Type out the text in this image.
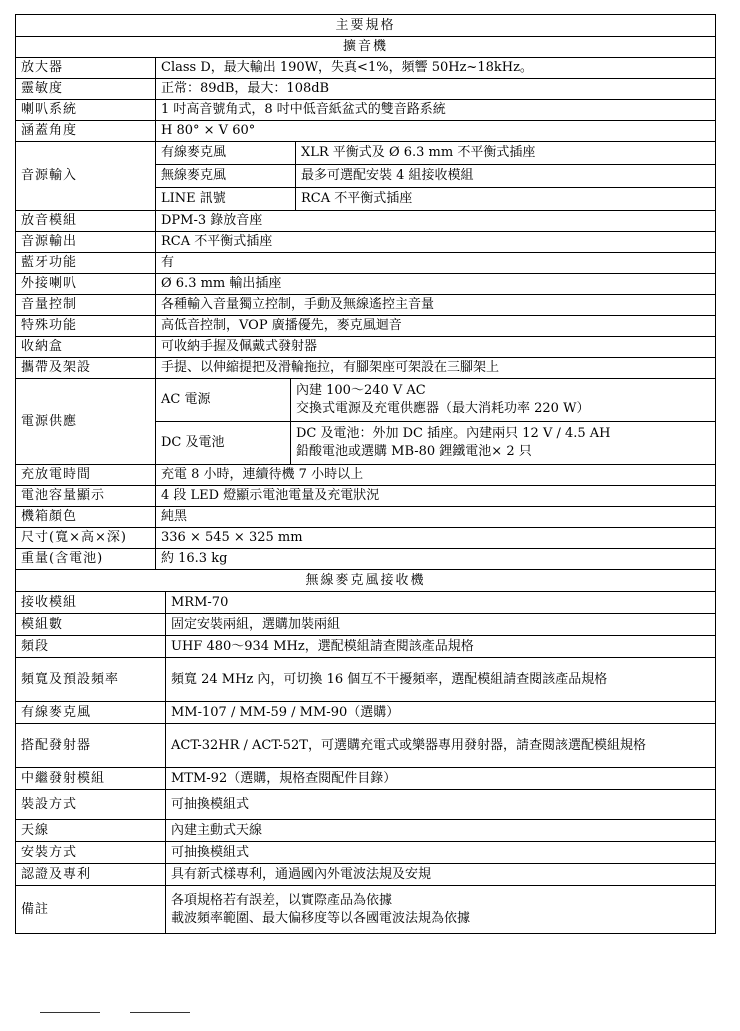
主要規格		
擴音機		
放大器	Class D，最大輸出 190W，失真<1%，頻響 50Hz~18kHz。	
靈敏度	正常：89dB，最大：108dB	
喇叭系統	1 吋高音號角式，8 吋中低音紙盆式的雙音路系統	
涵蓋角度	H 80° × V 60°	
音源輸入	有線麥克風	XLR 平衡式及 Ø 6.3 mm 不平衡式插座
	無線麥克風	最多可選配安裝 4 組接收模組
	LINE 訊號	RCA 不平衡式插座
放音模組	DPM-3 錄放音座	
音源輸出	RCA 不平衡式插座	
藍牙功能	有	
外接喇叭	Ø 6.3 mm 輸出插座	
音量控制	各種輸入音量獨立控制，手動及無線遙控主音量	
特殊功能	高低音控制，VOP 廣播優先，麥克風迴音	
收納盒	可收納手握及佩戴式發射器	
攜帶及架設	手提、以伸縮提把及滑輪拖拉，有腳架座可架設在三腳架上	
電源供應	AC 電源	內建 100～240 V AC
交換式電源及充電供應器（最大消耗功率 220 W）

	DC 及電池	DC 及電池：外加 DC 插座。內建兩只 12 V / 4.5 AH
鉛酸電池或選購 MB-80 鋰鐵電池× 2 只
充放電時間	充電 8 小時，連續待機 7 小時以上
電池容量顯示	4 段 LED 燈顯示電池電量及充電狀況
機箱顏色	純黑
尺寸(寬×高×深)	336 × 545 × 325 mm
重量(含電池)	約 16.3 kg
無線麥克風接收機	
接收模組	MRM-70
模組數	固定安裝兩組，選購加裝兩組
頻段	UHF 480～934 MHz，選配模組請查閱該產品規格
頻寬及預設頻率	頻寬 24 MHz 內，可切換 16 個互不干擾頻率，選配模組請查閱該產品規格
有線麥克風	MM-107 / MM-59 / MM-90（選購）
搭配發射器	ACT-32HR / ACT-52T，可選購充電式或樂器專用發射器，請查閱該選配模組規格
中繼發射模組	MTM-92（選購，規格查閱配件目錄）
裝設方式	可抽換模組式
天線	內建主動式天線
安裝方式	可抽換模組式
認證及專利	具有新式樣專利，通過國內外電波法規及安規
備註	各項規格若有誤差，以實際產品為依據
載波頻率範圍、最大偏移度等以各國電波法規為依據
